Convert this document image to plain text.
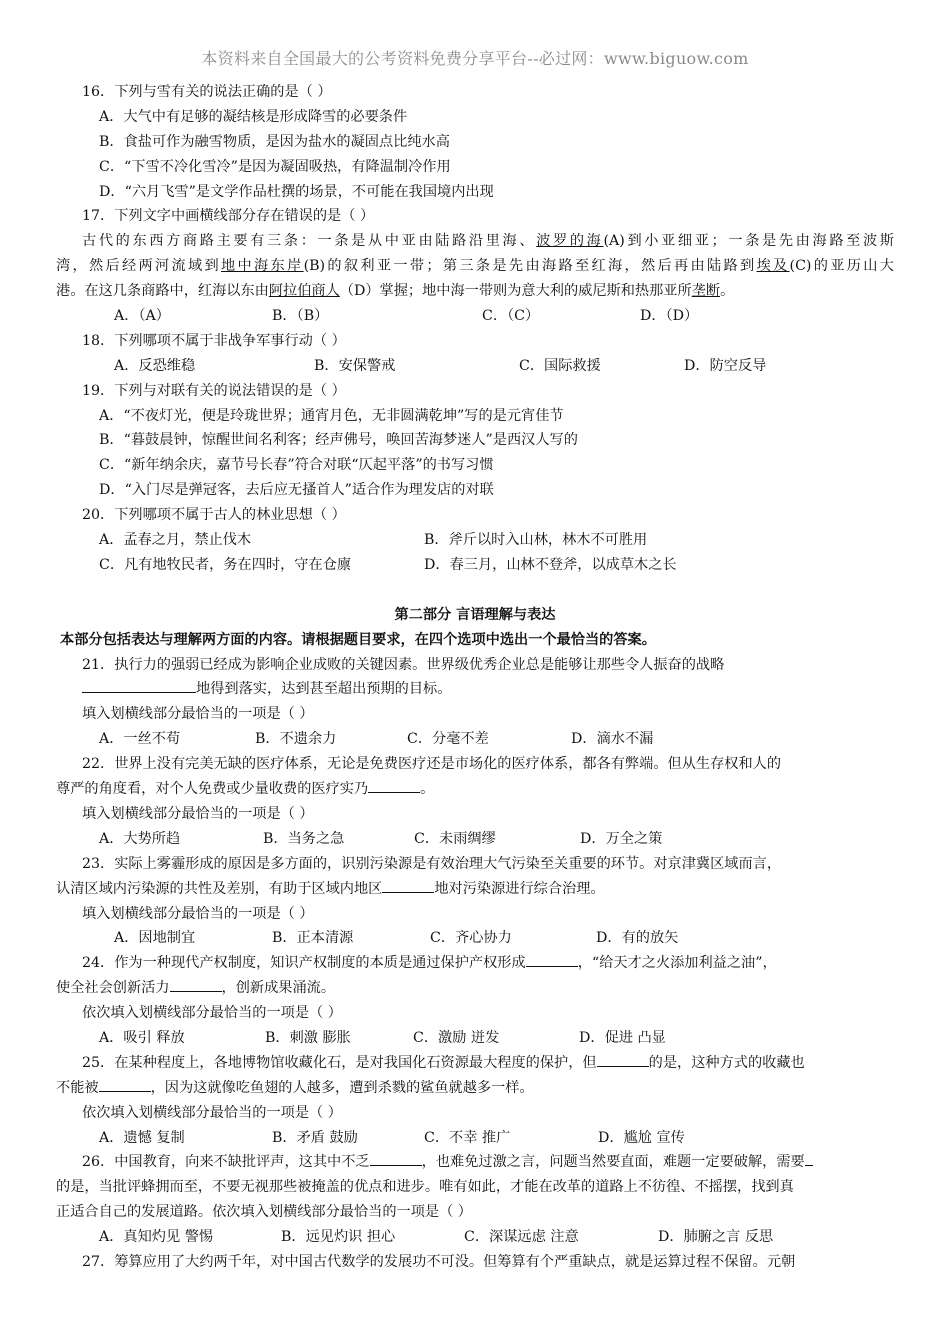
本资料来自全国最大的公考资料免费分享平台--必过网：www.biguow.com
16．下列与雪有关的说法正确的是（ ）
A．大气中有足够的凝结核是形成降雪的必要条件
B．食盐可作为融雪物质，是因为盐水的凝固点比纯水高
C．“下雪不冷化雪冷”是因为凝固吸热，有降温制冷作用
D．“六月飞雪”是文学作品杜撰的场景，不可能在我国境内出现
17．下列文字中画横线部分存在错误的是（ ）
古代的东西方商路主要有三条：一条是从中亚由陆路沿里海、波罗的海(A)到小亚细亚；一条是先由海路至波斯
湾，然后经两河流域到地中海东岸(B)的叙利亚一带；第三条是先由海路至红海，然后再由陆路到埃及(C)的亚历山大
港。在这几条商路中，红海以东由阿拉伯商人（D）掌握；地中海一带则为意大利的威尼斯和热那亚所垄断。
A．（A）	B．（B）	C．（C）	D．（D）
18．下列哪项不属于非战争军事行动（ ）
A．反恐维稳	B．安保警戒	C．国际救援	D．防空反导
19．下列与对联有关的说法错误的是（ ）
A．“不夜灯光，便是玲珑世界；通宵月色，无非圆满乾坤”写的是元宵佳节
B．“暮鼓晨钟，惊醒世间名利客；经声佛号，唤回苦海梦迷人”是西汉人写的
C．“新年纳余庆，嘉节号长春”符合对联“仄起平落”的书写习惯
D．“入门尽是弹冠客，去后应无搔首人”适合作为理发店的对联
20．下列哪项不属于古人的林业思想（ ）
A．孟春之月，禁止伐木	B．斧斤以时入山林，林木不可胜用
C．凡有地牧民者，务在四时，守在仓廪	D．春三月，山林不登斧，以成草木之长
第二部分 言语理解与表达
本部分包括表达与理解两方面的内容。请根据题目要求，在四个选项中选出一个最恰当的答案。
21．执行力的强弱已经成为影响企业成败的关键因素。世界级优秀企业总是能够让那些令人振奋的战略
地得到落实，达到甚至超出预期的目标。
填入划横线部分最恰当的一项是（ ）
A．一丝不苟	B．不遗余力	C．分毫不差	D．滴水不漏
22．世界上没有完美无缺的医疗体系，无论是免费医疗还是市场化的医疗体系，都各有弊端。但从生存权和人的
尊严的角度看，对个人免费或少量收费的医疗实乃	。
填入划横线部分最恰当的一项是（ ）
A．大势所趋	B．当务之急	C．未雨绸缪	D．万全之策
23．实际上雾霾形成的原因是多方面的，识别污染源是有效治理大气污染至关重要的环节。对京津冀区域而言，
认清区域内污染源的共性及差别，有助于区域内地区	地对污染源进行综合治理。
填入划横线部分最恰当的一项是（ ）
A．因地制宜	B．正本清源	C．齐心协力	D．有的放矢
24．作为一种现代产权制度，知识产权制度的本质是通过保护产权形成	，“给天才之火添加利益之油”，
使全社会创新活力	，创新成果涌流。
依次填入划横线部分最恰当的一项是（ ）
A．吸引 释放	B．刺激 膨胀	C．激励 迸发	D．促进 凸显
25．在某种程度上，各地博物馆收藏化石，是对我国化石资源最大程度的保护，但	的是，这种方式的收藏也
不能被	，因为这就像吃鱼翅的人越多，遭到杀戮的鲨鱼就越多一样。
依次填入划横线部分最恰当的一项是（ ）
A．遗憾 复制	B．矛盾 鼓励	C．不幸 推广	D．尴尬 宣传
26．中国教育，向来不缺批评声，这其中不乏	，也难免过激之言，问题当然要直面，难题一定要破解，需要
的是，当批评蜂拥而至，不要无视那些被掩盖的优点和进步。唯有如此，才能在改革的道路上不彷徨、不摇摆，找到真
正适合自己的发展道路。依次填入划横线部分最恰当的一项是（ ）
A．真知灼见 警惕	B．远见灼识 担心	C．深谋远虑 注意	D．肺腑之言 反思
27．筹算应用了大约两千年，对中国古代数学的发展功不可没。但筹算有个严重缺点，就是运算过程不保留。元朝
